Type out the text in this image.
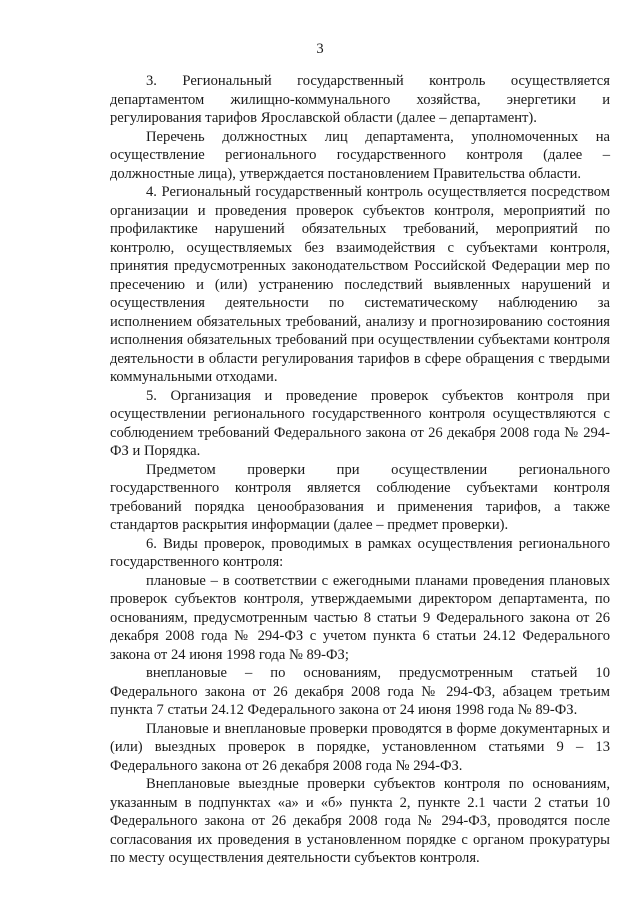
3

3. Региональный государственный контроль осуществляется департаментом жилищно-коммунального хозяйства, энергетики и регулирования тарифов Ярославской области (далее – департамент).

Перечень должностных лиц департамента, уполномоченных на осуществление регионального государственного контроля (далее – должностные лица), утверждается постановлением Правительства области.

4. Региональный государственный контроль осуществляется посредством организации и проведения проверок субъектов контроля, мероприятий по профилактике нарушений обязательных требований, мероприятий по контролю, осуществляемых без взаимодействия с субъектами контроля, принятия предусмотренных законодательством Российской Федерации мер по пресечению и (или) устранению последствий выявленных нарушений и осуществления деятельности по систематическому наблюдению за исполнением обязательных требований, анализу и прогнозированию состояния исполнения обязательных требований при осуществлении субъектами контроля деятельности в области регулирования тарифов в сфере обращения с твердыми коммунальными отходами.

5. Организация и проведение проверок субъектов контроля при осуществлении регионального государственного контроля осуществляются с соблюдением требований Федерального закона от 26 декабря 2008 года № 294-ФЗ и Порядка.

Предметом проверки при осуществлении регионального государственного контроля является соблюдение субъектами контроля требований порядка ценообразования и применения тарифов, а также стандартов раскрытия информации (далее – предмет проверки).

6. Виды проверок, проводимых в рамках осуществления регионального государственного контроля:

плановые – в соответствии с ежегодными планами проведения плановых проверок субъектов контроля, утверждаемыми директором департамента, по основаниям, предусмотренным частью 8 статьи 9 Федерального закона от 26 декабря 2008 года № 294-ФЗ с учетом пункта 6 статьи 24.12 Федерального закона от 24 июня 1998 года № 89-ФЗ;

внеплановые – по основаниям, предусмотренным статьей 10 Федерального закона от 26 декабря 2008 года № 294-ФЗ, абзацем третьим пункта 7 статьи 24.12 Федерального закона от 24 июня 1998 года № 89-ФЗ.

Плановые и внеплановые проверки проводятся в форме документарных и (или) выездных проверок в порядке, установленном статьями 9 – 13 Федерального закона от 26 декабря 2008 года № 294-ФЗ.

Внеплановые выездные проверки субъектов контроля по основаниям, указанным в подпунктах «а» и «б» пункта 2, пункте 2.1 части 2 статьи 10 Федерального закона от 26 декабря 2008 года № 294-ФЗ, проводятся после согласования их проведения в установленном порядке с органом прокуратуры по месту осуществления деятельности субъектов контроля.
